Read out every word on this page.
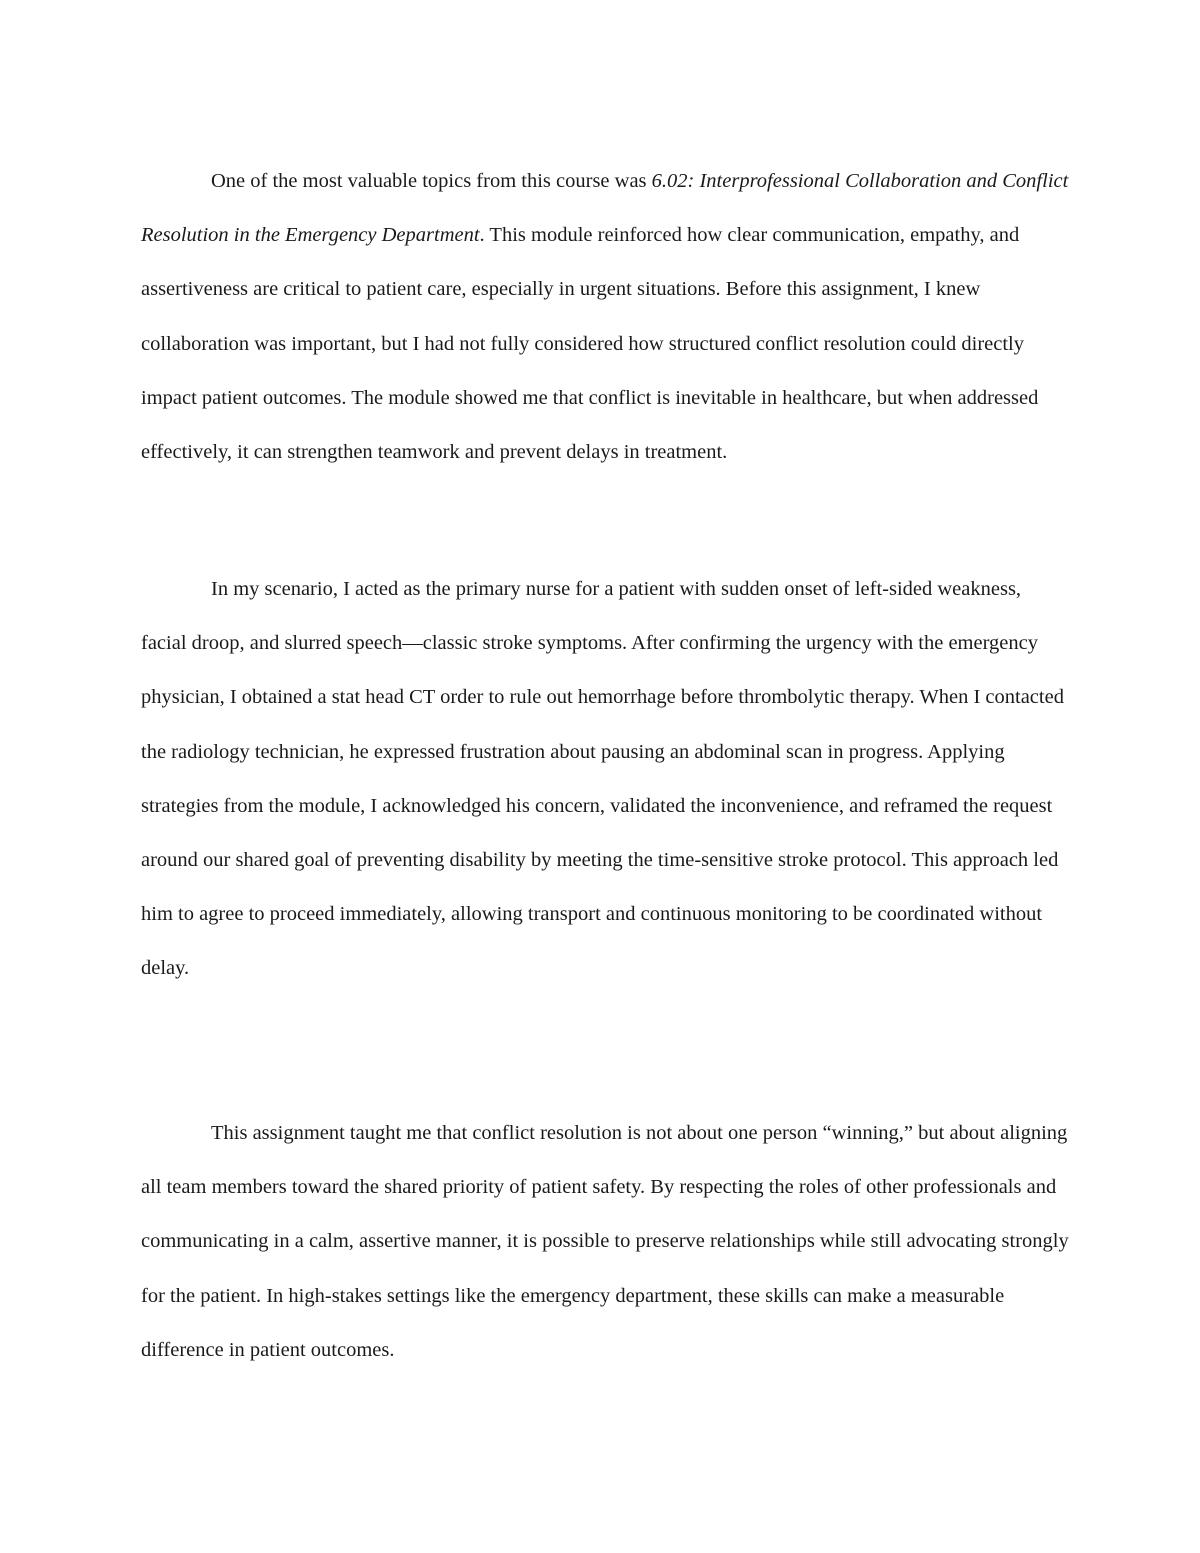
One of the most valuable topics from this course was 6.02: Interprofessional Collaboration and Conflict Resolution in the Emergency Department. This module reinforced how clear communication, empathy, and assertiveness are critical to patient care, especially in urgent situations. Before this assignment, I knew collaboration was important, but I had not fully considered how structured conflict resolution could directly impact patient outcomes. The module showed me that conflict is inevitable in healthcare, but when addressed effectively, it can strengthen teamwork and prevent delays in treatment.

In my scenario, I acted as the primary nurse for a patient with sudden onset of left-sided weakness, facial droop, and slurred speech—classic stroke symptoms. After confirming the urgency with the emergency physician, I obtained a stat head CT order to rule out hemorrhage before thrombolytic therapy. When I contacted the radiology technician, he expressed frustration about pausing an abdominal scan in progress. Applying strategies from the module, I acknowledged his concern, validated the inconvenience, and reframed the request around our shared goal of preventing disability by meeting the time-sensitive stroke protocol. This approach led him to agree to proceed immediately, allowing transport and continuous monitoring to be coordinated without delay.

This assignment taught me that conflict resolution is not about one person “winning,” but about aligning all team members toward the shared priority of patient safety. By respecting the roles of other professionals and communicating in a calm, assertive manner, it is possible to preserve relationships while still advocating strongly for the patient. In high-stakes settings like the emergency department, these skills can make a measurable difference in patient outcomes.
